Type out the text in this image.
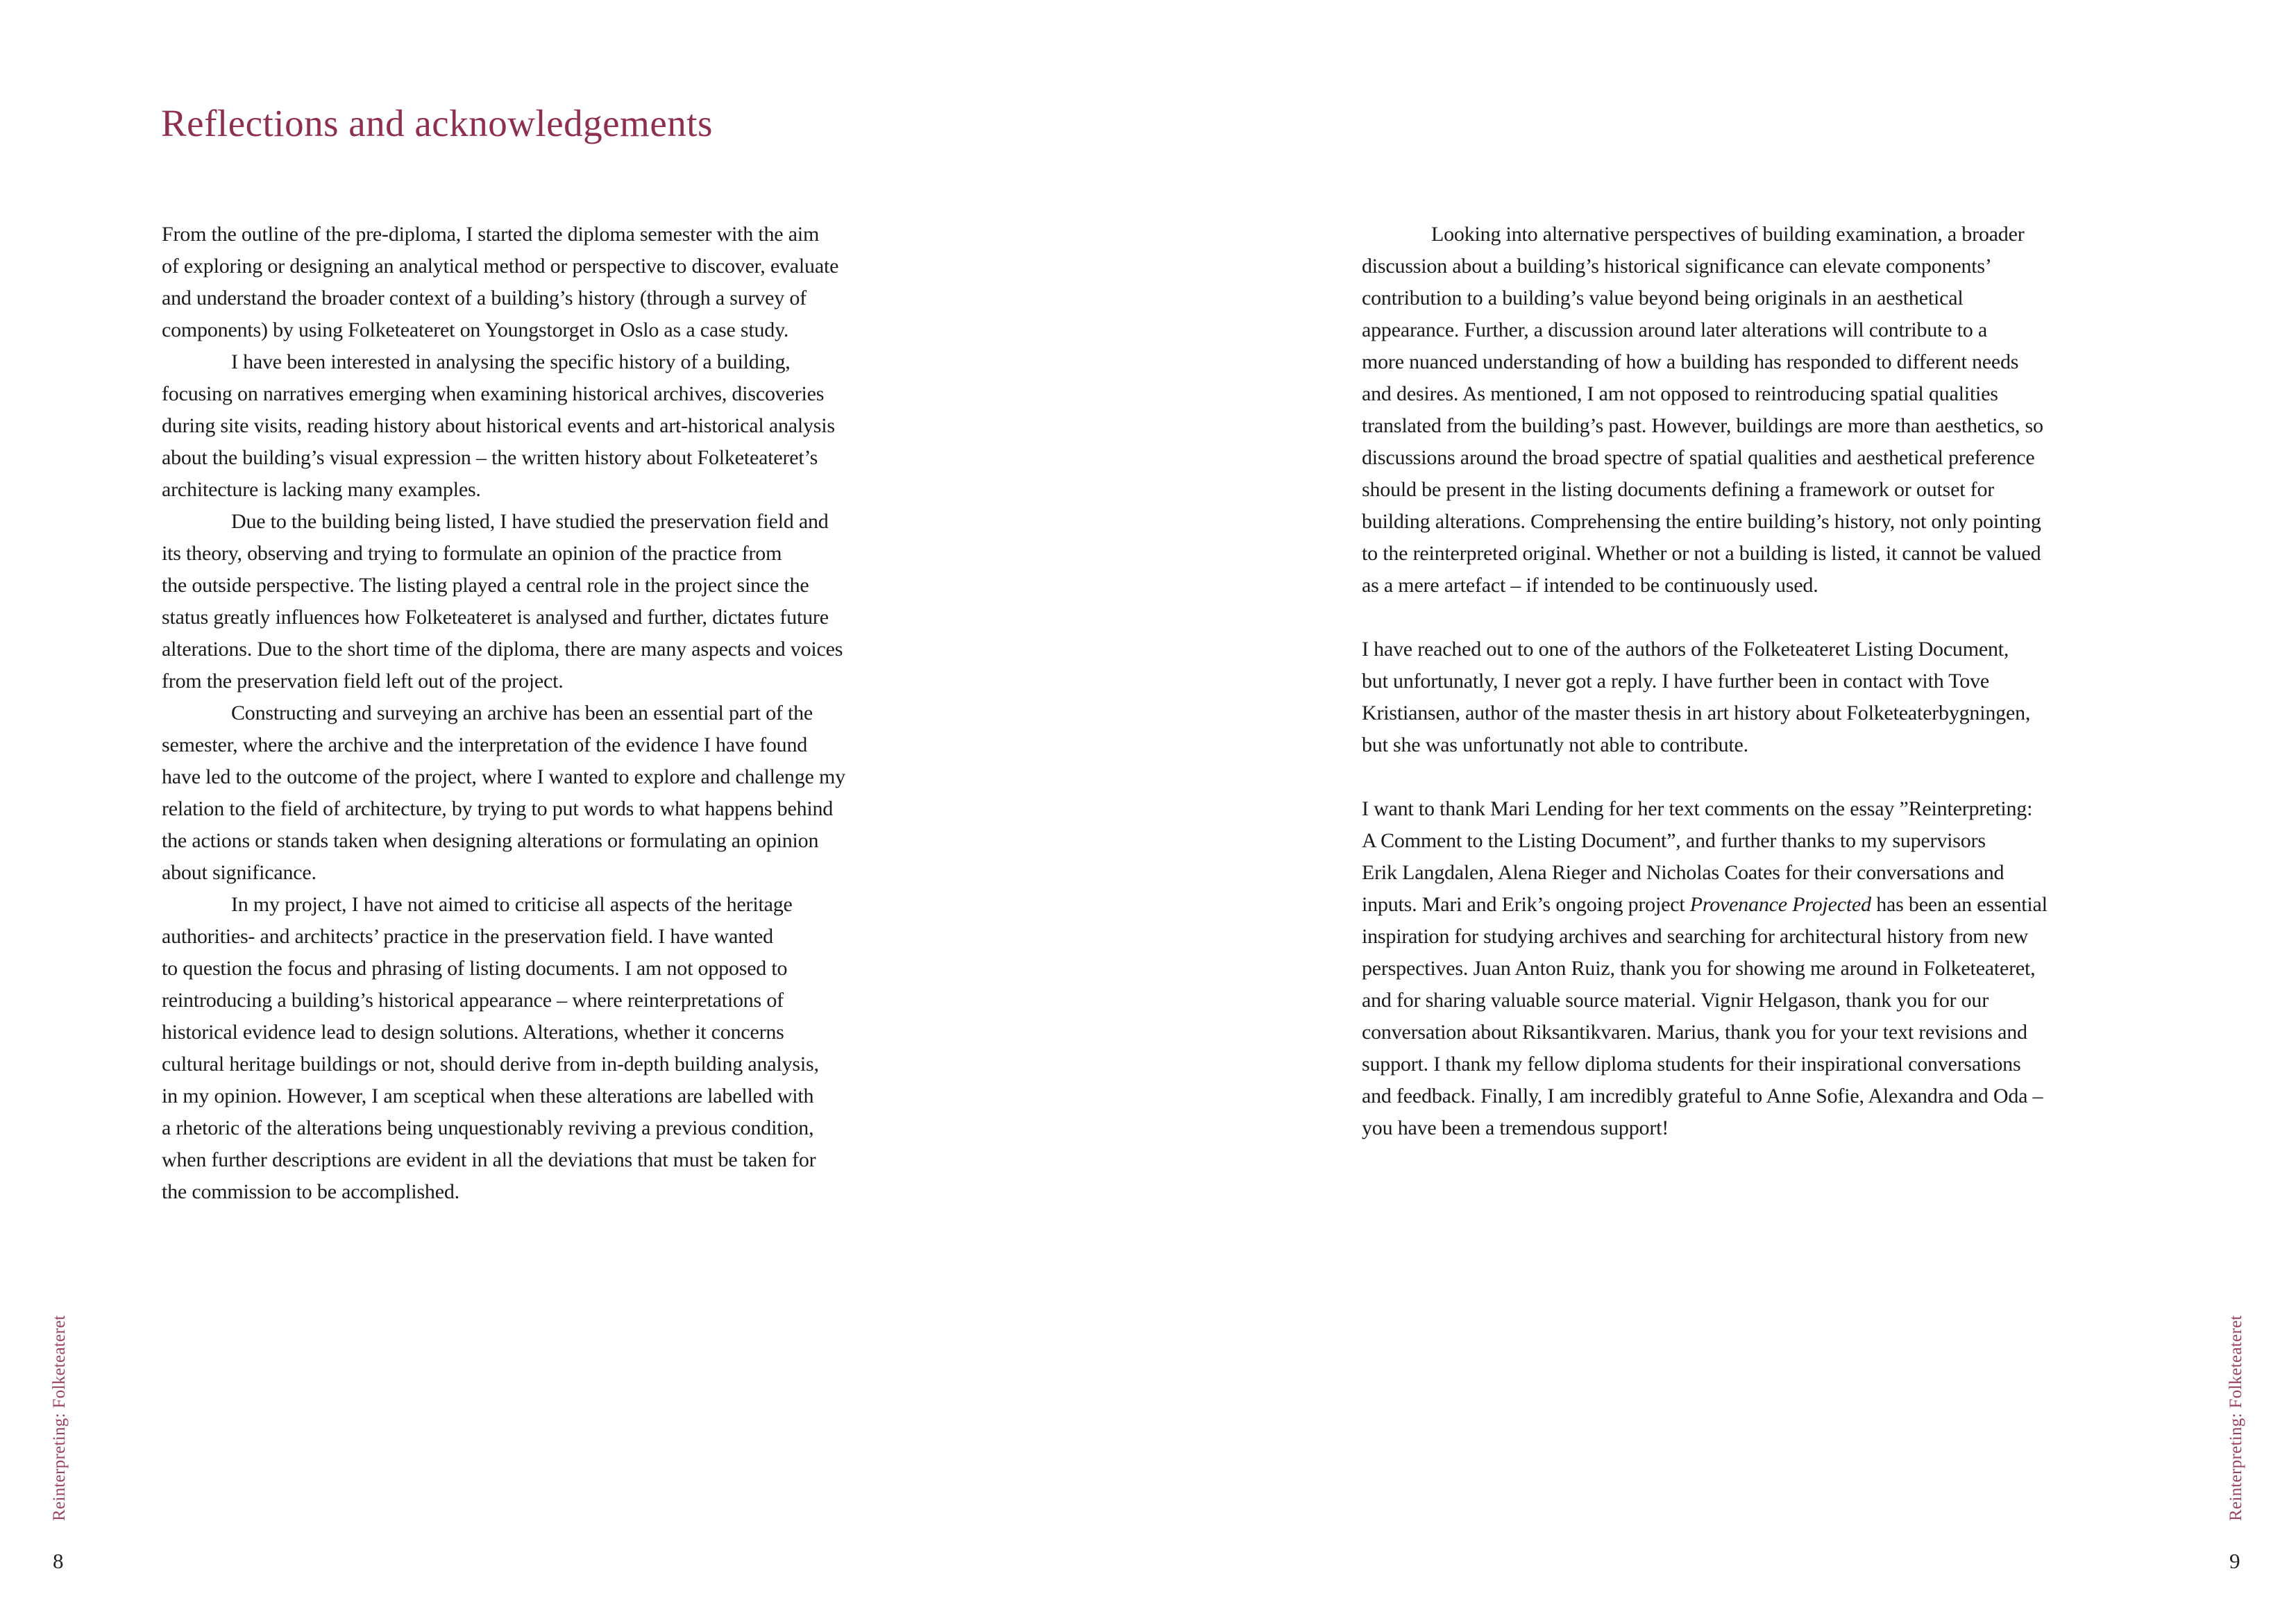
Reflections and acknowledgements
From the outline of the pre-diploma, I started the diploma semester with the aim
of exploring or designing an analytical method or perspective to discover, evaluate
and understand the broader context of a building’s history (through a survey of
components) by using Folketeateret on Youngstorget in Oslo as a case study.
I have been interested in analysing the specific history of a building,
focusing on narratives emerging when examining historical archives, discoveries
during site visits, reading history about historical events and art-historical analysis
about the building’s visual expression – the written history about Folketeateret’s
architecture is lacking many examples.
Due to the building being listed, I have studied the preservation field and
its theory, observing and trying to formulate an opinion of the practice from
the outside perspective. The listing played a central role in the project since the
status greatly influences how Folketeateret is analysed and further, dictates future
alterations. Due to the short time of the diploma, there are many aspects and voices
from the preservation field left out of the project.
Constructing and surveying an archive has been an essential part of the
semester, where the archive and the interpretation of the evidence I have found
have led to the outcome of the project, where I wanted to explore and challenge my
relation to the field of architecture, by trying to put words to what happens behind
the actions or stands taken when designing alterations or formulating an opinion
about significance.
In my project, I have not aimed to criticise all aspects of the heritage
authorities- and architects’ practice in the preservation field. I have wanted
to question the focus and phrasing of listing documents. I am not opposed to
reintroducing a building’s historical appearance – where reinterpretations of
historical evidence lead to design solutions. Alterations, whether it concerns
cultural heritage buildings or not, should derive from in-depth building analysis,
in my opinion. However, I am sceptical when these alterations are labelled with
a rhetoric of the alterations being unquestionably reviving a previous condition,
when further descriptions are evident in all the deviations that must be taken for
the commission to be accomplished.
Looking into alternative perspectives of building examination, a broader
discussion about a building’s historical significance can elevate components’
contribution to a building’s value beyond being originals in an aesthetical
appearance. Further, a discussion around later alterations will contribute to a
more nuanced understanding of how a building has responded to different needs
and desires. As mentioned, I am not opposed to reintroducing spatial qualities
translated from the building’s past. However, buildings are more than aesthetics, so
discussions around the broad spectre of spatial qualities and aesthetical preference
should be present in the listing documents defining a framework or outset for
building alterations. Comprehensing the entire building’s history, not only pointing
to the reinterpreted original. Whether or not a building is listed, it cannot be valued
as a mere artefact – if intended to be continuously used.
I have reached out to one of the authors of the Folketeateret Listing Document,
but unfortunatly, I never got a reply. I have further been in contact with Tove
Kristiansen, author of the master thesis in art history about Folketeaterbygningen,
but she was unfortunatly not able to contribute.
I want to thank Mari Lending for her text comments on the essay ”Reinterpreting:
A Comment to the Listing Document”, and further thanks to my supervisors
Erik Langdalen, Alena Rieger and Nicholas Coates for their conversations and
inputs. Mari and Erik’s ongoing project Provenance Projected has been an essential
inspiration for studying archives and searching for architectural history from new
perspectives. Juan Anton Ruiz, thank you for showing me around in Folketeateret,
and for sharing valuable source material. Vignir Helgason, thank you for our
conversation about Riksantikvaren. Marius, thank you for your text revisions and
support. I thank my fellow diploma students for their inspirational conversations
and feedback. Finally, I am incredibly grateful to Anne Sofie, Alexandra and Oda –
you have been a tremendous support!
Reinterpreting: Folketeateret	Reinterpreting: Folketeateret
8	9
